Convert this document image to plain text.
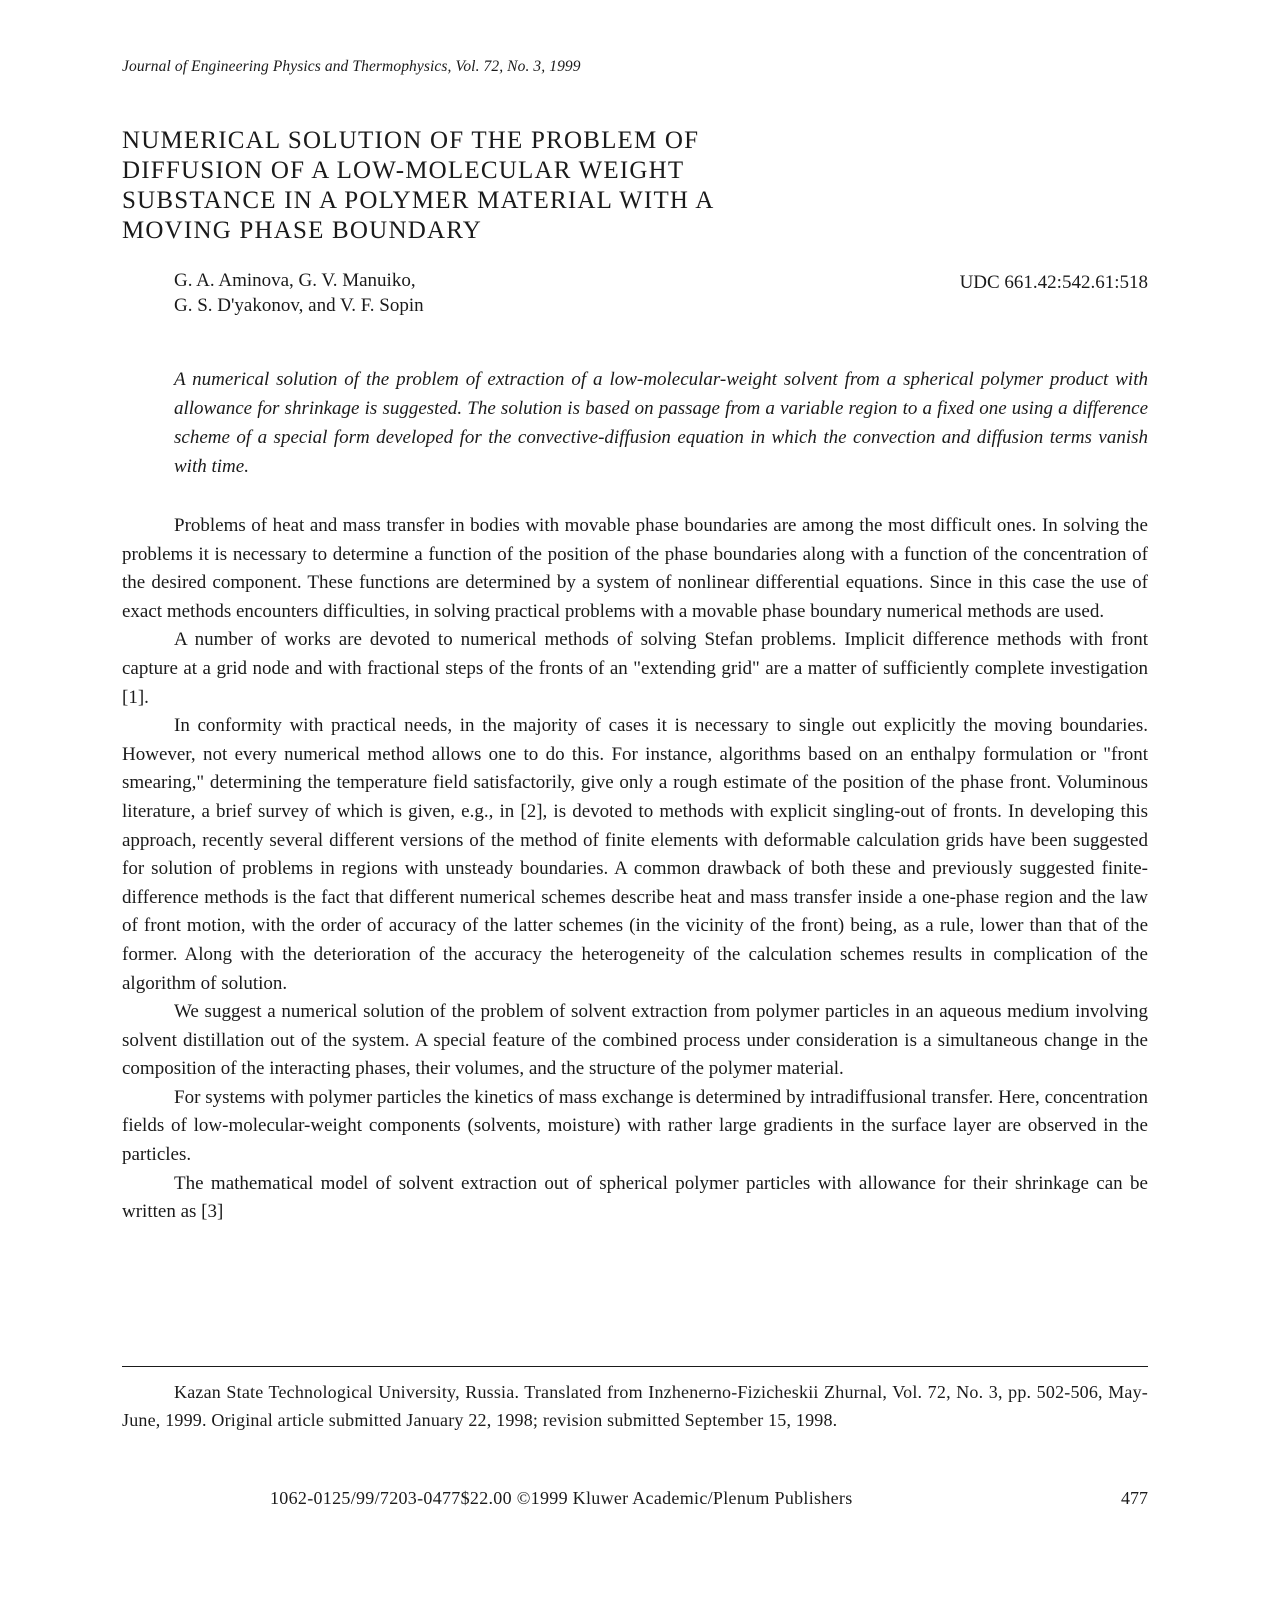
Journal of Engineering Physics and Thermophysics, Vol. 72, No. 3, 1999
NUMERICAL SOLUTION OF THE PROBLEM OF DIFFUSION OF A LOW-MOLECULAR WEIGHT SUBSTANCE IN A POLYMER MATERIAL WITH A MOVING PHASE BOUNDARY
G. A. Aminova, G. V. Manuiko,
G. S. D'yakonov, and V. F. Sopin
UDC 661.42:542.61:518

A numerical solution of the problem of extraction of a low-molecular-weight solvent from a spherical polymer product with allowance for shrinkage is suggested. The solution is based on passage from a variable region to a fixed one using a difference scheme of a special form developed for the convective-diffusion equation in which the convection and diffusion terms vanish with time.

Problems of heat and mass transfer in bodies with movable phase boundaries are among the most difficult ones. In solving the problems it is necessary to determine a function of the position of the phase boundaries along with a function of the concentration of the desired component. These functions are determined by a system of nonlinear differential equations. Since in this case the use of exact methods encounters difficulties, in solving practical problems with a movable phase boundary numerical methods are used.

A number of works are devoted to numerical methods of solving Stefan problems. Implicit difference methods with front capture at a grid node and with fractional steps of the fronts of an "extending grid" are a matter of sufficiently complete investigation [1].

In conformity with practical needs, in the majority of cases it is necessary to single out explicitly the moving boundaries. However, not every numerical method allows one to do this. For instance, algorithms based on an enthalpy formulation or "front smearing," determining the temperature field satisfactorily, give only a rough estimate of the position of the phase front. Voluminous literature, a brief survey of which is given, e.g., in [2], is devoted to methods with explicit singling-out of fronts. In developing this approach, recently several different versions of the method of finite elements with deformable calculation grids have been suggested for solution of problems in regions with unsteady boundaries. A common drawback of both these and previously suggested finite-difference methods is the fact that different numerical schemes describe heat and mass transfer inside a one-phase region and the law of front motion, with the order of accuracy of the latter schemes (in the vicinity of the front) being, as a rule, lower than that of the former. Along with the deterioration of the accuracy the heterogeneity of the calculation schemes results in complication of the algorithm of solution.

We suggest a numerical solution of the problem of solvent extraction from polymer particles in an aqueous medium involving solvent distillation out of the system. A special feature of the combined process under consideration is a simultaneous change in the composition of the interacting phases, their volumes, and the structure of the polymer material.

For systems with polymer particles the kinetics of mass exchange is determined by intradiffusional transfer. Here, concentration fields of low-molecular-weight components (solvents, moisture) with rather large gradients in the surface layer are observed in the particles.

The mathematical model of solvent extraction out of spherical polymer particles with allowance for their shrinkage can be written as [3]

Kazan State Technological University, Russia. Translated from Inzhenerno-Fizicheskii Zhurnal, Vol. 72, No. 3, pp. 502-506, May-June, 1999. Original article submitted January 22, 1998; revision submitted September 15, 1998.

1062-0125/99/7203-0477$22.00 ©1999 Kluwer Academic/Plenum Publishers	477
